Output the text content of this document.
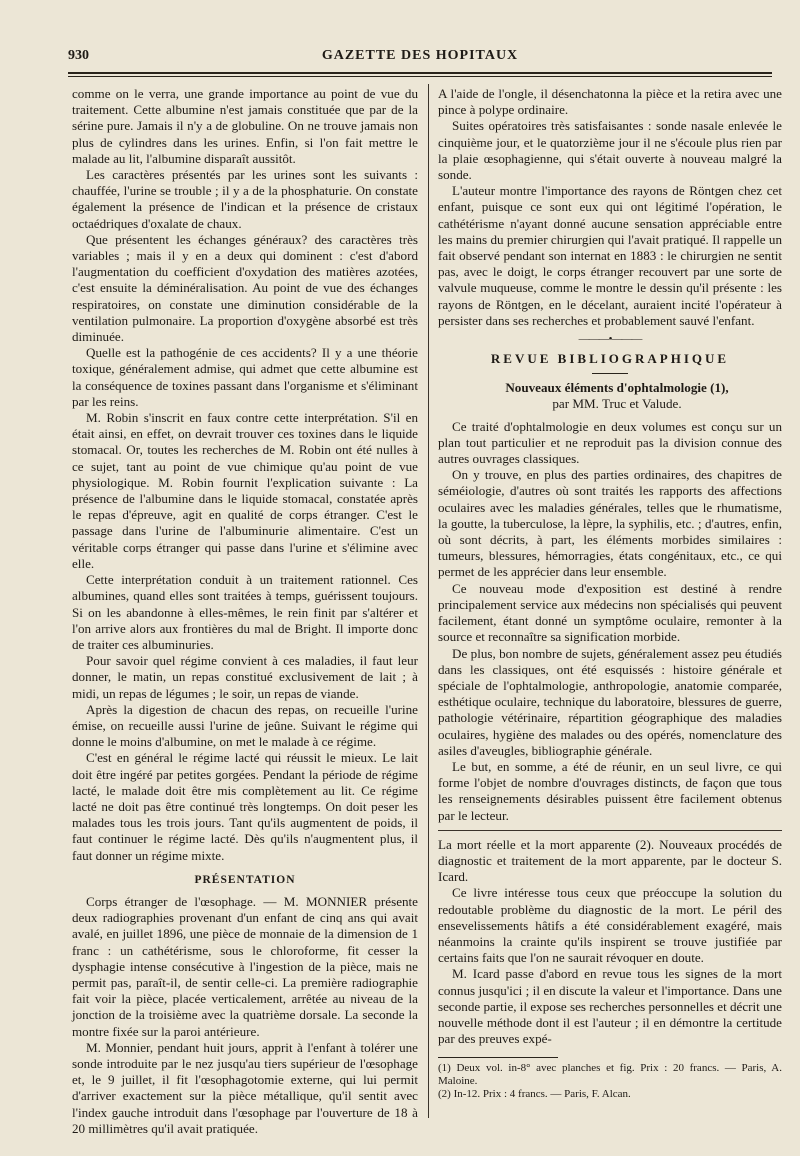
930	GAZETTE DES HOPITAUX

comme on le verra, une grande importance au point de vue du traitement. Cette albumine n'est jamais constituée que par de la sérine pure. Jamais il n'y a de globuline. On ne trouve jamais non plus de cylindres dans les urines. Enfin, si l'on fait mettre le malade au lit, l'albumine disparaît aussitôt.

Les caractères présentés par les urines sont les suivants : chauffée, l'urine se trouble ; il y a de la phosphaturie. On constate également la présence de l'indican et la présence de cristaux octaédriques d'oxalate de chaux.

Que présentent les échanges généraux? des caractères très variables ; mais il y en a deux qui dominent : c'est d'abord l'augmentation du coefficient d'oxydation des matières azotées, c'est ensuite la déminéralisation. Au point de vue des échanges respiratoires, on constate une diminution considérable de la ventilation pulmonaire. La proportion d'oxygène absorbé est très diminuée.

Quelle est la pathogénie de ces accidents? Il y a une théorie toxique, généralement admise, qui admet que cette albumine est la conséquence de toxines passant dans l'organisme et s'éliminant par les reins.

M. Robin s'inscrit en faux contre cette interprétation. S'il en était ainsi, en effet, on devrait trouver ces toxines dans le liquide stomacal. Or, toutes les recherches de M. Robin ont été nulles à ce sujet, tant au point de vue chimique qu'au point de vue physiologique. M. Robin fournit l'explication suivante : La présence de l'albumine dans le liquide stomacal, constatée après le repas d'épreuve, agit en qualité de corps étranger. C'est le passage dans l'urine de l'albuminurie alimentaire. C'est un véritable corps étranger qui passe dans l'urine et s'élimine avec elle.

Cette interprétation conduit à un traitement rationnel. Ces albumines, quand elles sont traitées à temps, guérissent toujours. Si on les abandonne à elles-mêmes, le rein finit par s'altérer et l'on arrive alors aux frontières du mal de Bright. Il importe donc de traiter ces albuminuries.

Pour savoir quel régime convient à ces maladies, il faut leur donner, le matin, un repas constitué exclusivement de lait ; à midi, un repas de légumes ; le soir, un repas de viande.

Après la digestion de chacun des repas, on recueille l'urine émise, on recueille aussi l'urine de jeûne. Suivant le régime qui donne le moins d'albumine, on met le malade à ce régime.

C'est en général le régime lacté qui réussit le mieux. Le lait doit être ingéré par petites gorgées. Pendant la période de régime lacté, le malade doit être mis complètement au lit. Ce régime lacté ne doit pas être continué très longtemps. On doit peser les malades tous les trois jours. Tant qu'ils augmentent de poids, il faut continuer le régime lacté. Dès qu'ils n'augmentent plus, il faut donner un régime mixte.

PRÉSENTATION

Corps étranger de l'œsophage. — M. MONNIER présente deux radiographies provenant d'un enfant de cinq ans qui avait avalé, en juillet 1896, une pièce de monnaie de la dimension de 1 franc : un cathétérisme, sous le chloroforme, fit cesser la dysphagie intense consécutive à l'ingestion de la pièce, mais ne permit pas, paraît-il, de sentir celle-ci. La première radiographie fait voir la pièce, placée verticalement, arrêtée au niveau de la jonction de la troisième avec la quatrième dorsale. La seconde la montre fixée sur la paroi antérieure.

M. Monnier, pendant huit jours, apprit à l'enfant à tolérer une sonde introduite par le nez jusqu'au tiers supérieur de l'œsophage et, le 9 juillet, il fit l'œsophagotomie externe, qui lui permit d'arriver exactement sur la pièce métallique, qu'il sentit avec l'index gauche introduit dans l'œsophage par l'ouverture de 18 à 20 millimètres qu'il avait pratiquée.

A l'aide de l'ongle, il désenchatonna la pièce et la retira avec une pince à polype ordinaire.

Suites opératoires très satisfaisantes : sonde nasale enlevée le cinquième jour, et le quatorzième jour il ne s'écoule plus rien par la plaie œsophagienne, qui s'était ouverte à nouveau malgré la sonde.

L'auteur montre l'importance des rayons de Röntgen chez cet enfant, puisque ce sont eux qui ont légitimé l'opération, le cathétérisme n'ayant donné aucune sensation appréciable entre les mains du premier chirurgien qui l'avait pratiqué. Il rappelle un fait observé pendant son internat en 1883 : le chirurgien ne sentit pas, avec le doigt, le corps étranger recouvert par une sorte de valvule muqueuse, comme le montre le dessin qu'il présente : les rayons de Röntgen, en le décelant, auraient incité l'opérateur à persister dans ses recherches et probablement sauvé l'enfant.

———•———
REVUE BIBLIOGRAPHIQUE

Nouveaux éléments d'ophtalmologie (1),

par MM. Truc et Valude.

Ce traité d'ophtalmologie en deux volumes est conçu sur un plan tout particulier et ne reproduit pas la division connue des autres ouvrages classiques.

On y trouve, en plus des parties ordinaires, des chapitres de séméiologie, d'autres où sont traités les rapports des affections oculaires avec les maladies générales, telles que le rhumatisme, la goutte, la tuberculose, la lèpre, la syphilis, etc. ; d'autres, enfin, où sont décrits, à part, les éléments morbides similaires : tumeurs, blessures, hémorragies, états congénitaux, etc., ce qui permet de les apprécier dans leur ensemble.

Ce nouveau mode d'exposition est destiné à rendre principalement service aux médecins non spécialisés qui peuvent facilement, étant donné un symptôme oculaire, remonter à la source et reconnaître sa signification morbide.

De plus, bon nombre de sujets, généralement assez peu étudiés dans les classiques, ont été esquissés : histoire générale et spéciale de l'ophtalmologie, anthropologie, anatomie comparée, esthétique oculaire, technique du laboratoire, blessures de guerre, pathologie vétérinaire, répartition géographique des maladies oculaires, hygiène des malades ou des opérés, nomenclature des asiles d'aveugles, bibliographie générale.

Le but, en somme, a été de réunir, en un seul livre, ce qui forme l'objet de nombre d'ouvrages distincts, de façon que tous les renseignements désirables puissent être facilement obtenus par le lecteur.

La mort réelle et la mort apparente (2). Nouveaux procédés de diagnostic et traitement de la mort apparente, par le docteur S. Icard.

Ce livre intéresse tous ceux que préoccupe la solution du redoutable problème du diagnostic de la mort. Le péril des ensevelissements hâtifs a été considérablement exagéré, mais néanmoins la crainte qu'ils inspirent se trouve justifiée par certains faits que l'on ne saurait révoquer en doute.

M. Icard passe d'abord en revue tous les signes de la mort connus jusqu'ici ; il en discute la valeur et l'importance. Dans une seconde partie, il expose ses recherches personnelles et décrit une nouvelle méthode dont il est l'auteur ; il en démontre la certitude par des preuves expé-

(1) Deux vol. in-8° avec planches et fig. Prix : 20 francs. — Paris, A. Maloine.

(2) In-12. Prix : 4 francs. — Paris, F. Alcan.
